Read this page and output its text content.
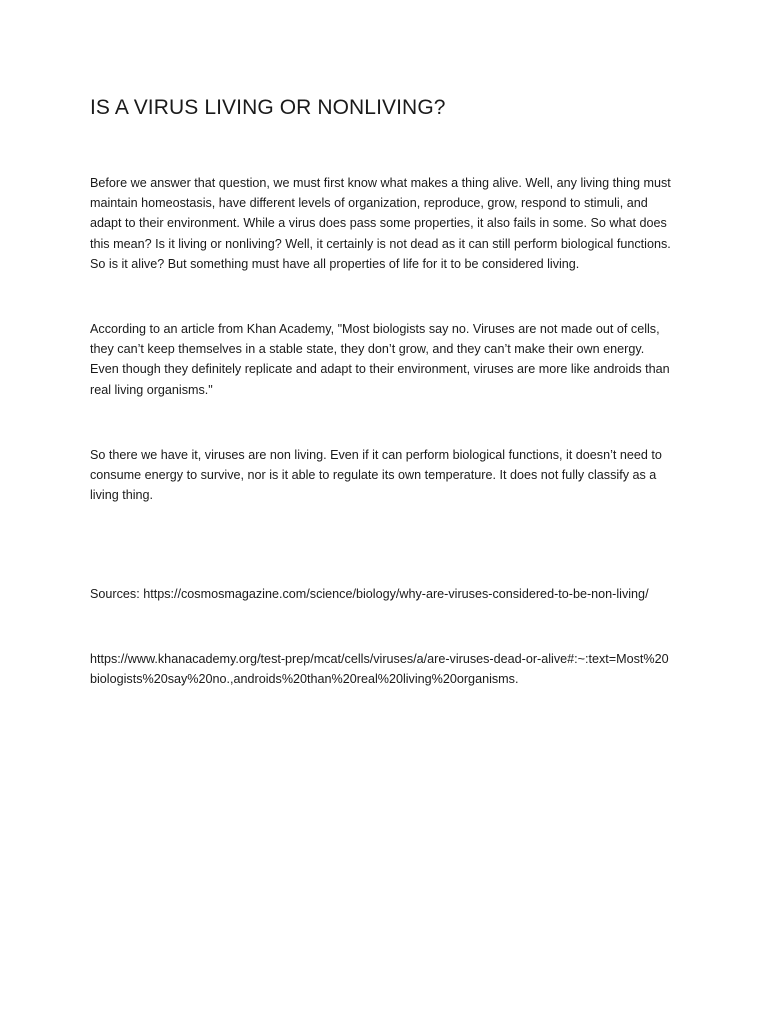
IS A VIRUS LIVING OR NONLIVING?

Before we answer that question, we must first know what makes a thing alive. Well, any living thing must maintain homeostasis, have different levels of organization, reproduce, grow, respond to stimuli, and adapt to their environment. While a virus does pass some properties, it also fails in some. So what does this mean? Is it living or nonliving? Well, it certainly is not dead as it can still perform biological functions. So is it alive? But something must have all properties of life for it to be considered living.

According to an article from Khan Academy, "Most biologists say no. Viruses are not made out of cells, they can’t keep themselves in a stable state, they don’t grow, and they can’t make their own energy. Even though they definitely replicate and adapt to their environment, viruses are more like androids than real living organisms."

So there we have it, viruses are non living. Even if it can perform biological functions, it doesn’t need to consume energy to survive, nor is it able to regulate its own temperature. It does not fully classify as a living thing.

Sources: https://cosmosmagazine.com/science/biology/why-are-viruses-considered-to-be-non-living/

https://www.khanacademy.org/test-prep/mcat/cells/viruses/a/are-viruses-dead-or-alive#:~:text=Most%20biologists%20say%20no.,androids%20than%20real%20living%20organisms.
